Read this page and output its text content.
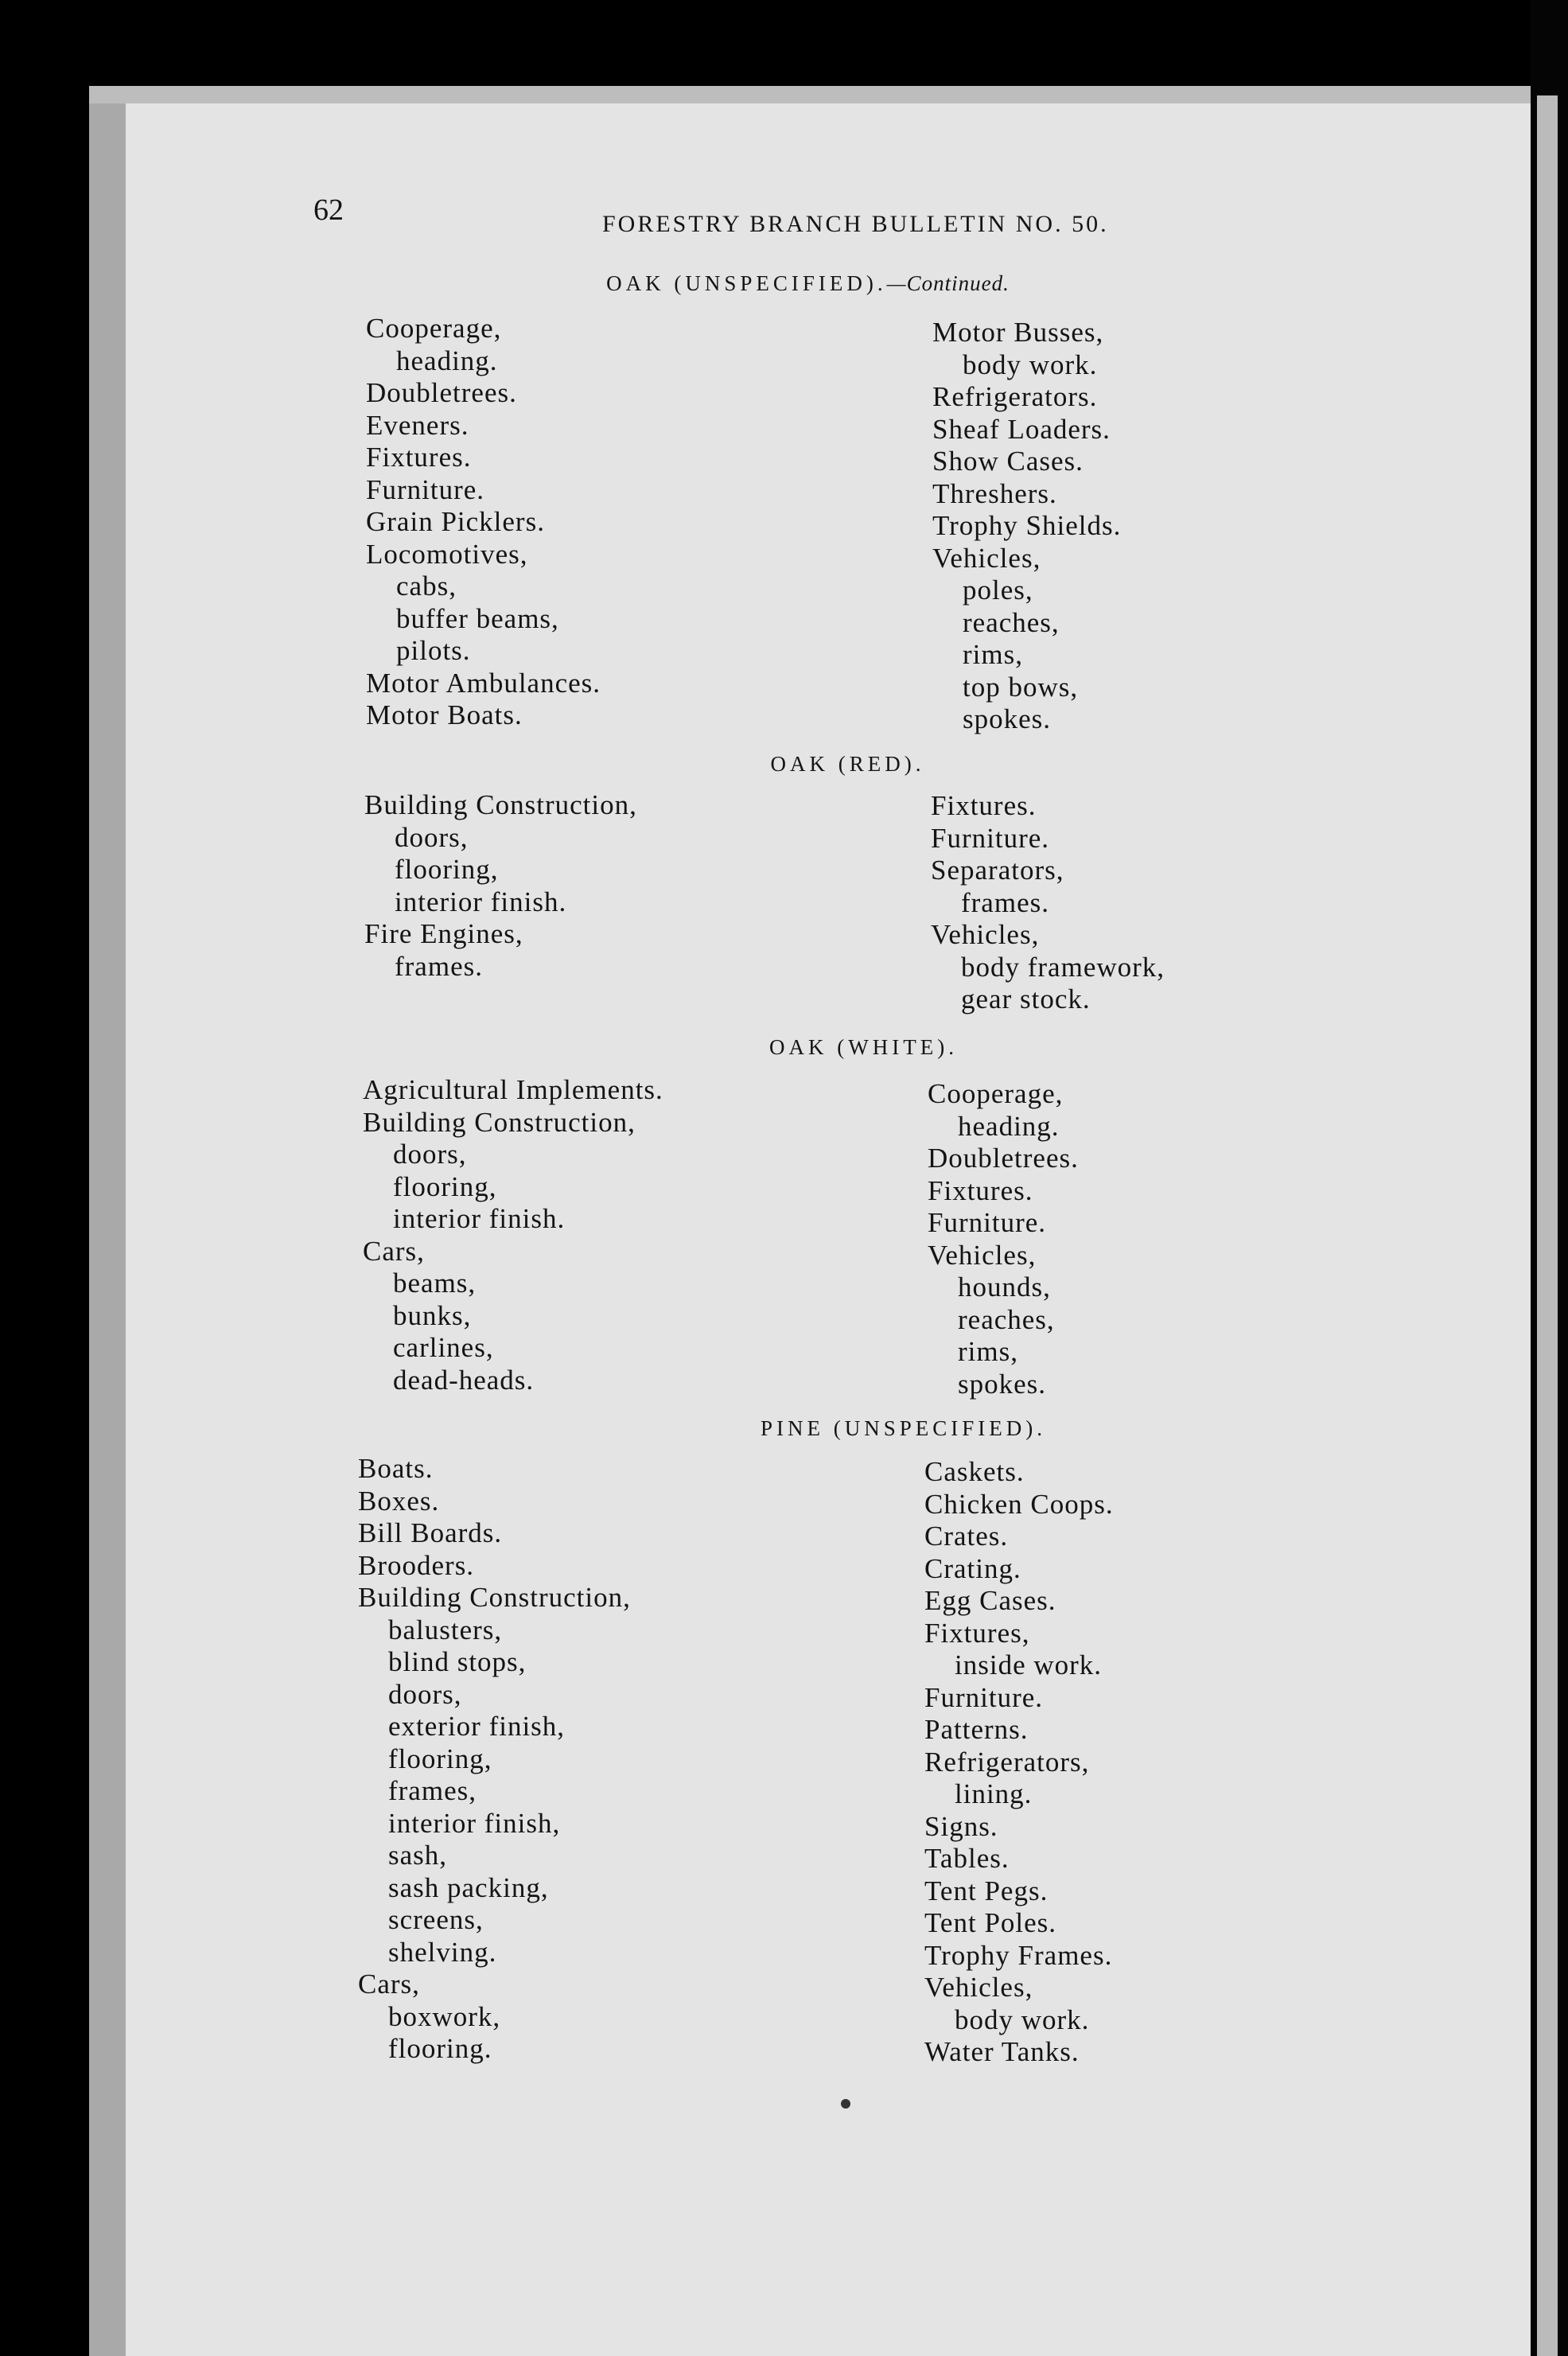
62	FORESTRY BRANCH BULLETIN NO. 50.
OAK (UNSPECIFIED).—Continued.
Cooperage,
heading.
Doubletrees.
Eveners.
Fixtures.
Furniture.
Grain Picklers.
Locomotives,
cabs,
buffer beams,
pilots.
Motor Ambulances.
Motor Boats.
Motor Busses,
body work.
Refrigerators.
Sheaf Loaders.
Show Cases.
Threshers.
Trophy Shields.
Vehicles,
poles,
reaches,
rims,
top bows,
spokes.
OAK (RED).
Building Construction,
doors,
flooring,
interior finish.
Fire Engines,
frames.
Fixtures.
Furniture.
Separators,
frames.
Vehicles,
body framework,
gear stock.
OAK (WHITE).
Agricultural Implements.
Building Construction,
doors,
flooring,
interior finish.
Cars,
beams,
bunks,
carlines,
dead-heads.
Cooperage,
heading.
Doubletrees.
Fixtures.
Furniture.
Vehicles,
hounds,
reaches,
rims,
spokes.
PINE (UNSPECIFIED).
Boats.
Boxes.
Bill Boards.
Brooders.
Building Construction,
balusters,
blind stops,
doors,
exterior finish,
flooring,
frames,
interior finish,
sash,
sash packing,
screens,
shelving.
Cars,
boxwork,
flooring.
Caskets.
Chicken Coops.
Crates.
Crating.
Egg Cases.
Fixtures,
inside work.
Furniture.
Patterns.
Refrigerators,
lining.
Signs.
Tables.
Tent Pegs.
Tent Poles.
Trophy Frames.
Vehicles,
body work.
Water Tanks.
